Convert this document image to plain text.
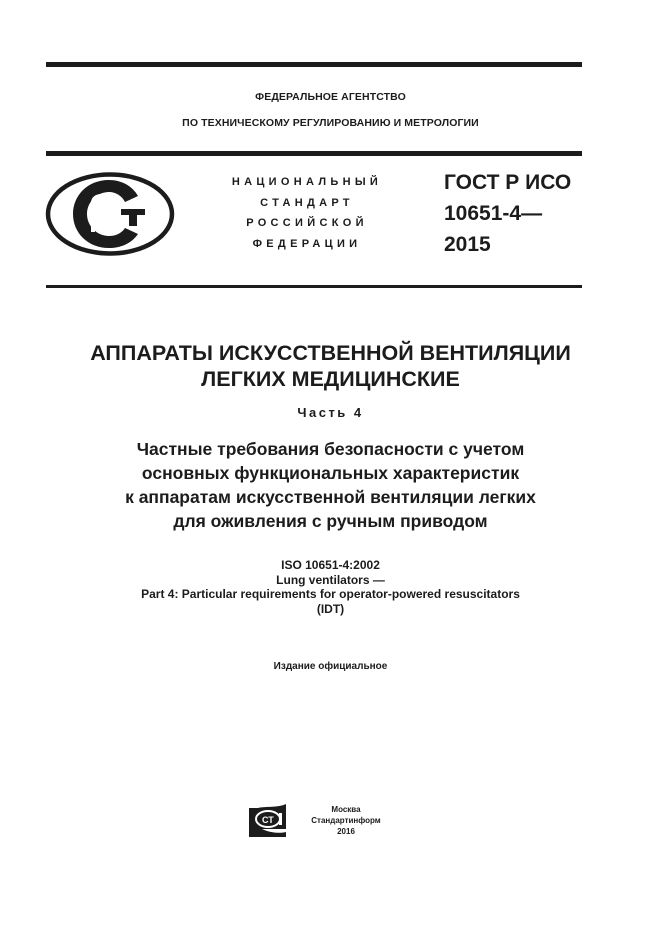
ФЕДЕРАЛЬНОЕ АГЕНТСТВО
ПО ТЕХНИЧЕСКОМУ РЕГУЛИРОВАНИЮ И МЕТРОЛОГИИ
НАЦИОНАЛЬНЫЙ
СТАНДАРТ
РОССИЙСКОЙ
ФЕДЕРАЦИИ
ГОСТ Р ИСО
10651-4—
2015
АППАРАТЫ ИСКУССТВЕННОЙ ВЕНТИЛЯЦИИ
ЛЕГКИХ МЕДИЦИНСКИЕ
Часть 4
Частные требования безопасности с учетом
основных функциональных характеристик
к аппаратам искусственной вентиляции легких
для оживления с ручным приводом
ISO 10651-4:2002
Lung ventilators —
Part 4: Particular requirements for operator-powered resuscitators
(IDT)
Издание официальное
СТ
Москва
Стандартинформ
2016
